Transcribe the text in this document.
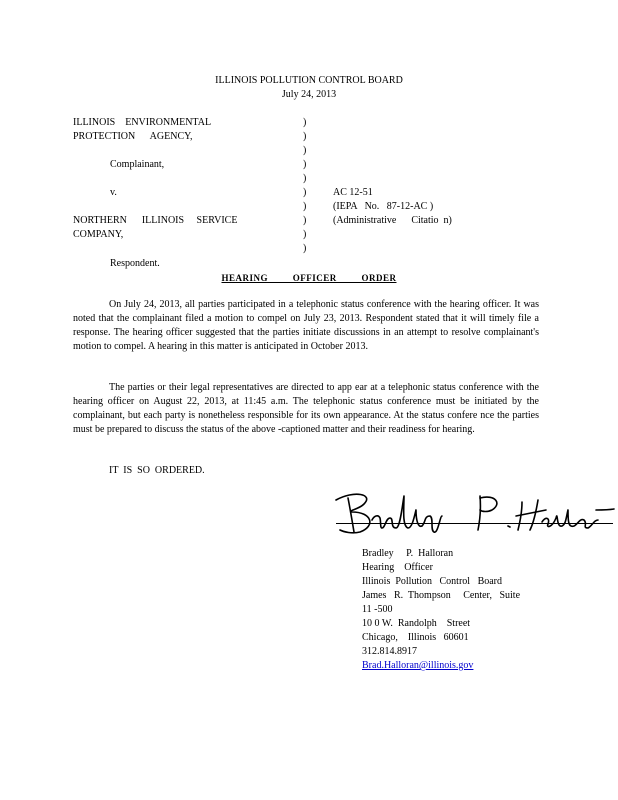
ILLINOIS POLLUTION CONTROL BOARD
July 24, 2013
ILLINOIS    ENVIRONMENTAL
PROTECTION      AGENCY,
Complainant,
v.
NORTHERN      ILLINOIS     SERVICE
COMPANY,
Respondent.
)
)
)
)
)
)
)
)
)
)
AC 12-51
(IEPA   No.   87-12-AC )
(Administrative      Citatio  n)
HEARING OFFICER ORDER
On July 24, 2013, all parties participated in a telephonic status conference with the hearing officer. It was noted that the complainant filed a motion to compel on July 23, 2013. Respondent stated that it will timely file a response. The hearing officer suggested that the parties initiate discussions in an attempt to resolve complainant's motion to compel. A hearing in this matter is anticipated in October 2013.
The parties or their legal representatives are directed to app ear at a telephonic status conference with the hearing officer on August 22, 2013, at 11:45 a.m. The telephonic status conference must be initiated by the complainant, but each party is nonetheless responsible for its own appearance. At the status confere nce the parties must be prepared to discuss the status of the above -captioned matter and their readiness for hearing.
IT  IS  SO  ORDERED.
Bradley     P.  Halloran
Hearing    Officer
Illinois  Pollution   Control   Board
James   R.  Thompson     Center,   Suite
11 -500
10 0 W.  Randolph    Street
Chicago,    Illinois   60601
312.814.8917
Brad.Halloran@illinois.gov
